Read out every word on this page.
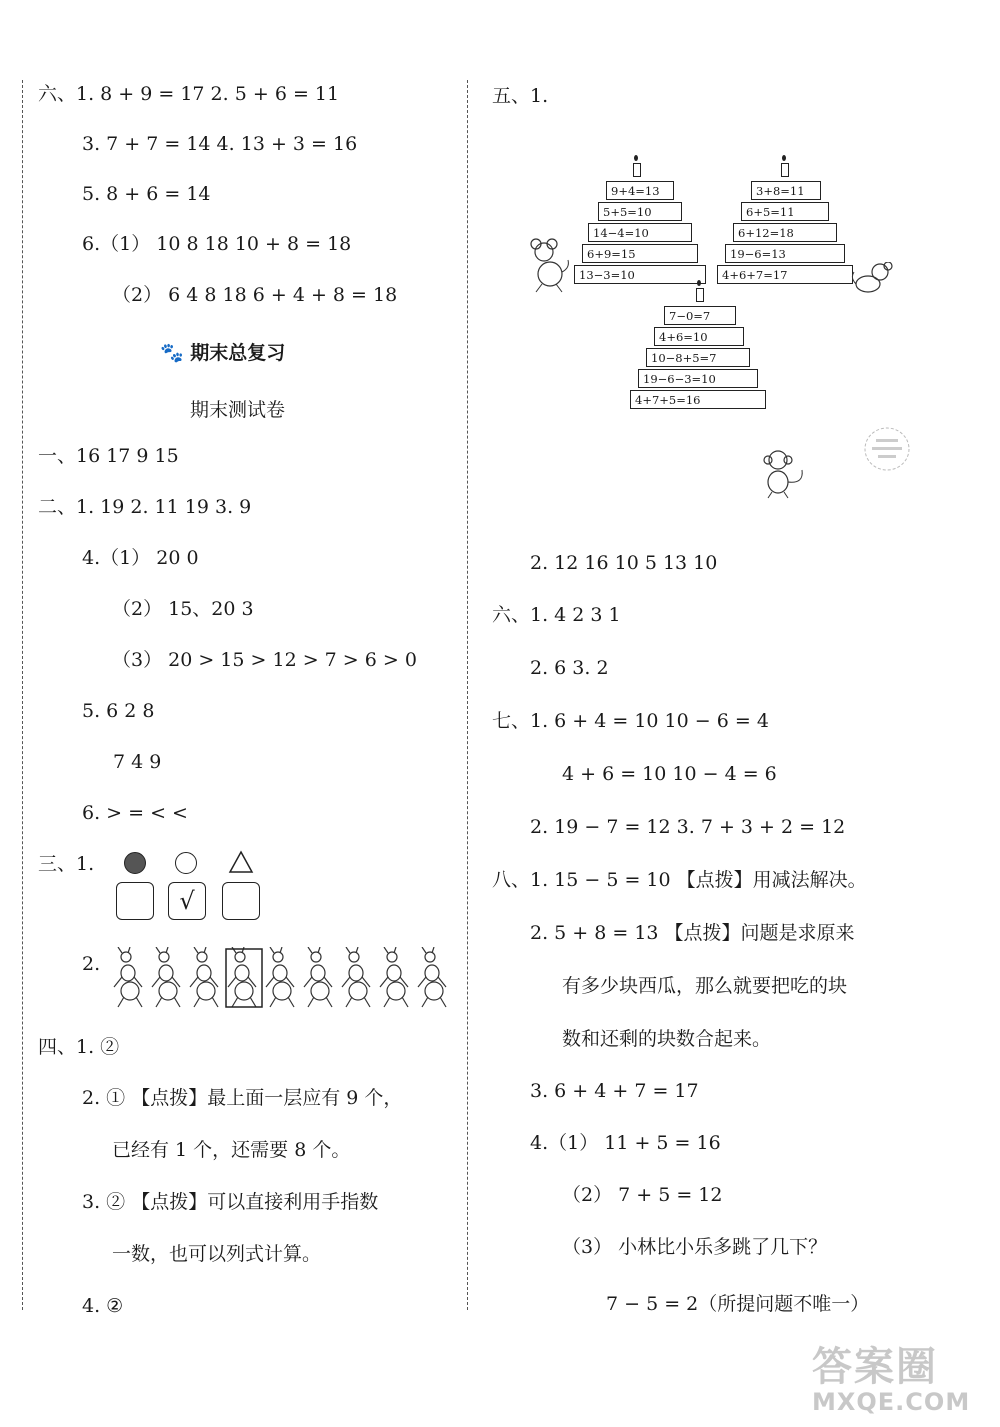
六、1. 8 + 9 = 17 2. 5 + 6 = 11
3. 7 + 7 = 14 4. 13 + 3 = 16
5. 8 + 6 = 14
6.（1） 10 8 18 10 + 8 = 18
（2） 6 4 8 18 6 + 4 + 8 = 18
🐾 期末总复习
期末测试卷
一、16 17 9 15
二、1. 19 2. 11 19 3. 9
4.（1） 20 0
（2） 15、20 3
（3） 20 > 15 > 12 > 7 > 6 > 0
5. 6 2 8
7 4 9
6. > = < <
三、1.
√
2.
四、1. ②
2. ① 【点拨】最上面一层应有 9 个，
已经有 1 个，还需要 8 个。
3. ② 【点拨】可以直接利用手指数
一数，也可以列式计算。
4. ②
五、1.
9+4=13
5+5=10
14−4=10
6+9=15
13−3=10
3+8=11
6+5=11
6+12=18
19−6=13
4+6+7=17
7−0=7
4+6=10
10−8+5=7
19−6−3=10
4+7+5=16
2. 12 16 10 5 13 10
六、1. 4 2 3 1
2. 6 3. 2
七、1. 6 + 4 = 10 10 − 6 = 4
4 + 6 = 10 10 − 4 = 6
2. 19 − 7 = 12 3. 7 + 3 + 2 = 12
八、1. 15 − 5 = 10 【点拨】用减法解决。
2. 5 + 8 = 13 【点拨】问题是求原来
有多少块西瓜，那么就要把吃的块
数和还剩的块数合起来。
3. 6 + 4 + 7 = 17
4.（1） 11 + 5 = 16
（2） 7 + 5 = 12
（3） 小林比小乐多跳了几下？
7 − 5 = 2（所提问题不唯一）
答案圈
MXQE.COM
